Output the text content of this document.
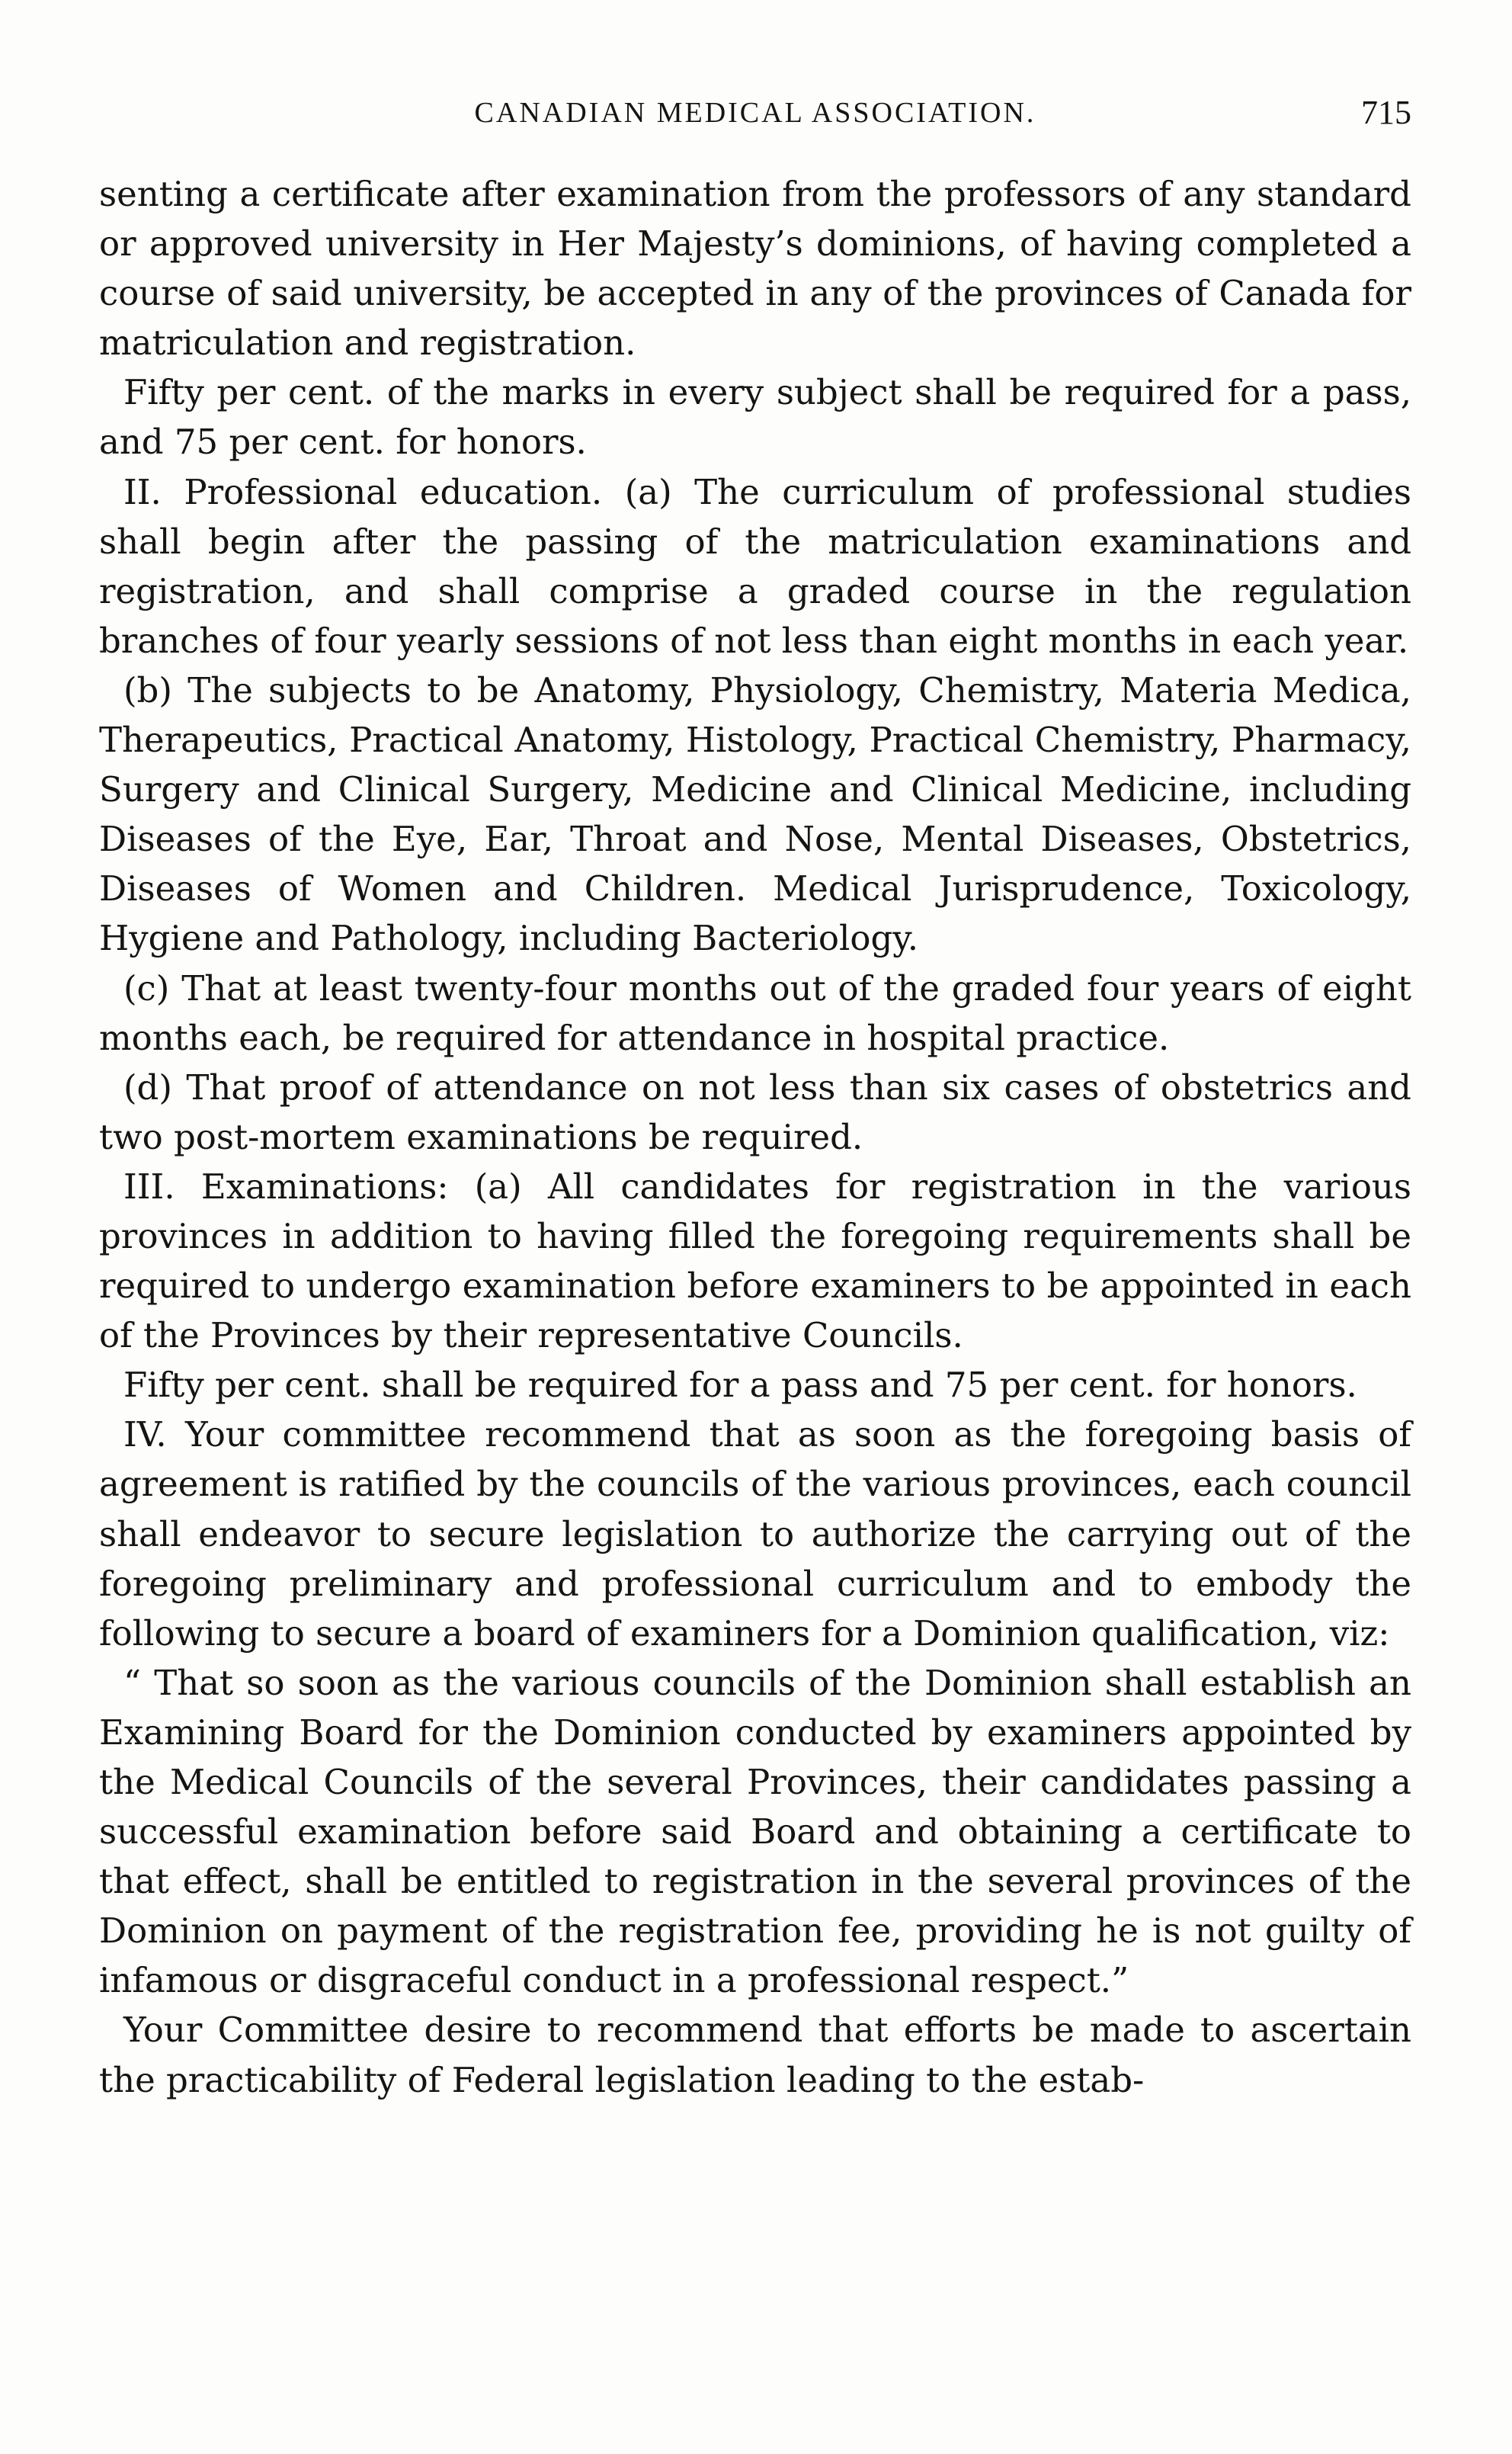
CANADIAN MEDICAL ASSOCIATION.	715

senting a certificate after examination from the professors of any standard or approved university in Her Majesty’s dominions, of having completed a course of said university, be accepted in any of the provinces of Canada for matriculation and registration.

Fifty per cent. of the marks in every subject shall be required for a pass, and 75 per cent. for honors.

II. Professional education. (a) The curriculum of professional studies shall begin after the passing of the matriculation examinations and registration, and shall comprise a graded course in the regulation branches of four yearly sessions of not less than eight months in each year.

(b) The subjects to be Anatomy, Physiology, Chemistry, Materia Medica, Therapeutics, Practical Anatomy, Histology, Practical Chemistry, Pharmacy, Surgery and Clinical Surgery, Medicine and Clinical Medicine, including Diseases of the Eye, Ear, Throat and Nose, Mental Diseases, Obstetrics, Diseases of Women and Children. Medical Jurisprudence, Toxicology, Hygiene and Pathology, including Bacteriology.

(c) That at least twenty-four months out of the graded four years of eight months each, be required for attendance in hospital practice.

(d) That proof of attendance on not less than six cases of obstetrics and two post-mortem examinations be required.

III. Examinations: (a) All candidates for registration in the various provinces in addition to having filled the foregoing requirements shall be required to undergo examination before examiners to be appointed in each of the Provinces by their representative Councils.

Fifty per cent. shall be required for a pass and 75 per cent. for honors.

IV. Your committee recommend that as soon as the foregoing basis of agreement is ratified by the councils of the various provinces, each council shall endeavor to secure legislation to authorize the carrying out of the foregoing preliminary and professional curriculum and to embody the following to secure a board of examiners for a Dominion qualification, viz:

“ That so soon as the various councils of the Dominion shall establish an Examining Board for the Dominion conducted by examiners appointed by the Medical Councils of the several Provinces, their candidates passing a successful examination before said Board and obtaining a certificate to that effect, shall be entitled to registration in the several provinces of the Dominion on payment of the registration fee, providing he is not guilty of infamous or disgraceful conduct in a professional respect.”

Your Committee desire to recommend that efforts be made to ascertain the practicability of Federal legislation leading to the estab-
